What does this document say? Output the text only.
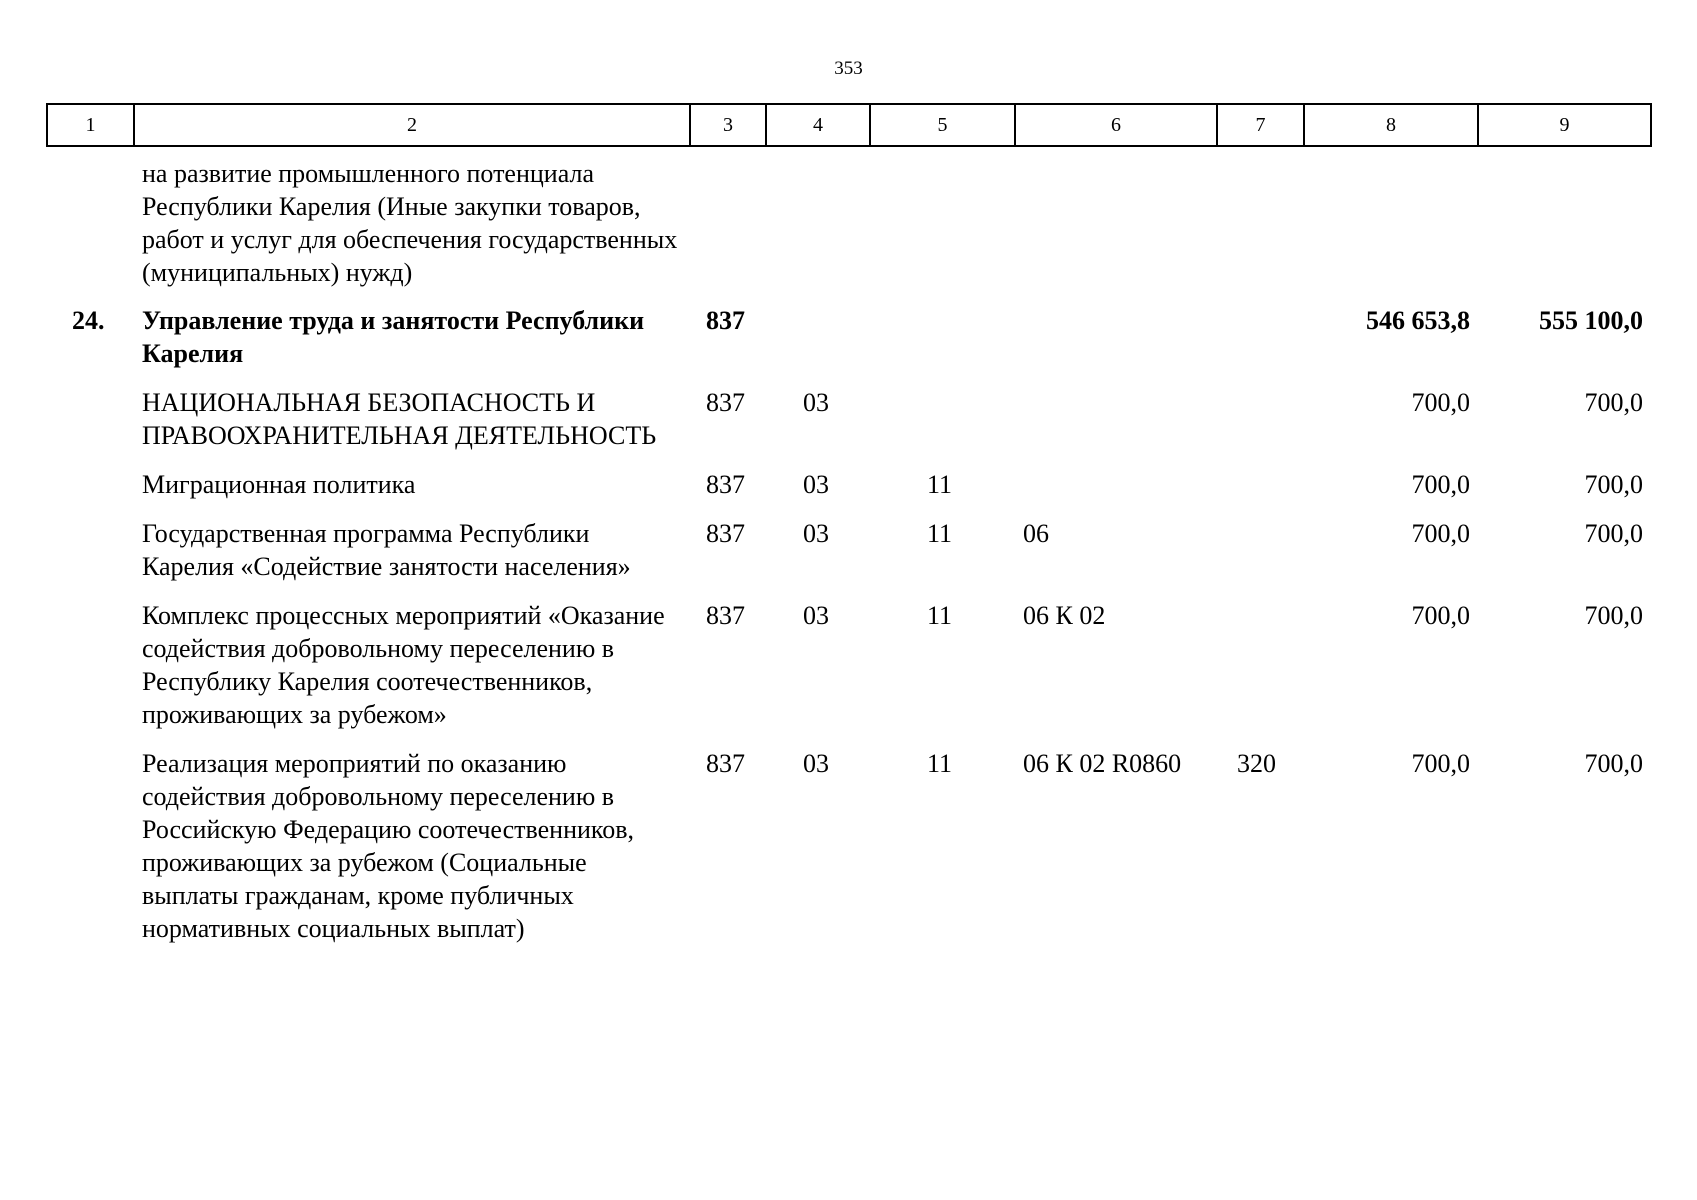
353
1	2	3	4	5	6	7	8	9
	на развитие промышленного потенциала Республики Карелия (Иные закупки товаров, работ и услуг для обеспечения государственных (муниципальных) нужд)							
24.	Управление труда и занятости Республики Карелия	837					546 653,8	555 100,0
	НАЦИОНАЛЬНАЯ БЕЗОПАСНОСТЬ И ПРАВООХРАНИТЕЛЬНАЯ ДЕЯТЕЛЬНОСТЬ	837	03				700,0	700,0
	Миграционная политика	837	03	11			700,0	700,0
	Государственная программа Республики Карелия «Содействие занятости населения»	837	03	11	06		700,0	700,0
	Комплекс процессных мероприятий «Оказание содействия добровольному переселению в Республику Карелия соотечественников, проживающих за рубежом»	837	03	11	06 К 02		700,0	700,0
	Реализация мероприятий по оказанию содействия добровольному переселению в Российскую Федерацию соотечественников, проживающих за рубежом (Социальные выплаты гражданам, кроме публичных нормативных социальных выплат)	837	03	11	06 К 02 R0860	320	700,0	700,0
